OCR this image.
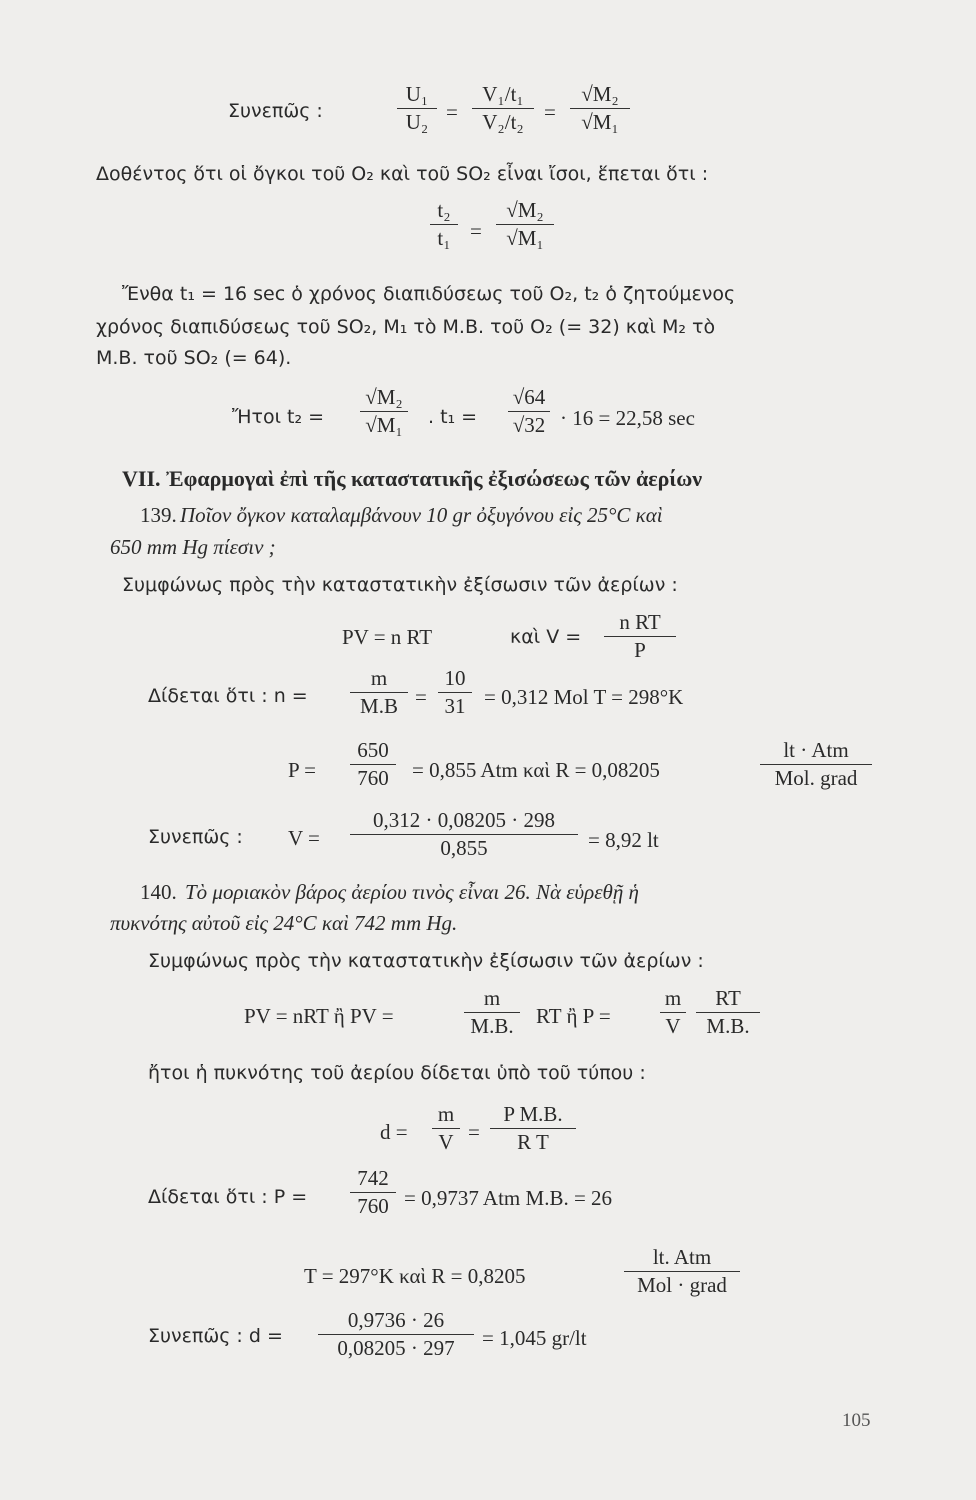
Συνεπῶς :	$\frac{\text{U₁}}{\text{U₂}} = \frac{\text{V₁/t₁}}{\text{V₂/t₂}} = \frac{\text{√M₂}}{\text{√M₁}}$
Δοθέντος ὅτι οἱ ὄγκοι τοῦ O₂ καὶ τοῦ SO₂ εἶναι ἴσοι, ἕπεται ὅτι :
$\frac{\text{t₂}}{\text{t₁}} = \frac{\text{√M₂}}{\text{√M₁}}$
Ἔνθα t₁ = 16 sec ὁ χρόνος διαπιδύσεως τοῦ O₂, t₂ ὁ ζητούμενος
χρόνος διαπιδύσεως τοῦ SO₂, M₁ τὸ M.B. τοῦ O₂ (= 32) καὶ M₂ τὸ
M.B. τοῦ SO₂ (= 64).
Ἤτοι $t_2 = \frac{\text{√M₂}}{\text{√M₁}}$ . $t_1 = \frac{√64}{√32} \cdot 16 = 22,58$ sec
VII. Ἐφαρμογαὶ ἐπὶ τῆς καταστατικῆς ἐξισώσεως τῶν ἀερίων
139. Ποῖον ὄγκον καταλαμβάνουν 10 gr ὀξυγόνου εἰς 25°C καὶ
650 mm Hg πίεσιν ;
Συμφώνως πρὸς τὴν καταστατικὴν ἐξίσωσιν τῶν ἀερίων :
PV = n RT	καὶ $V = \frac{\text{n RT}}{P}$
Δίδεται ὅτι : $n = \frac{m}{M.B} = \frac{10}{31} = 0,312$ Mol T = 298°K
$P = \frac{650}{760} = 0,855$ Atm καὶ R = 0,08205
lt · Atm
Mol. grad
Συνεπῶς : $V = \frac{0,312 \cdot 0,08205 \cdot 298}{0,855} = 8,92$ lt
140. Τὸ μοριακὸν βάρος ἀερίου τινὸς εἶναι 26. Νὰ εὑρεθῇ ἡ
πυκνότης αὐτοῦ εἰς 24°C καὶ 742 mm Hg.
Συμφώνως πρὸς τὴν καταστατικὴν ἐξίσωσιν τῶν ἀερίων :
PV = nRT ἢ PV =	$\frac{m}{M.B.}$ RT ἢ $P = \frac{m}{V} \frac{RT}{M.B.}$
ἤτοι ἡ πυκνότης τοῦ ἀερίου δίδεται ὑπὸ τοῦ τύπου :
$d = \frac{m}{V} = \frac{\text{P M.B.}}{\text{R T}}$
Δίδεται ὅτι : $P = \frac{742}{760} = 0,9737$ Atm M.B. = 26
T = 297°K καὶ R = 0,8205
lt. Atm
Mol · grad
Συνεπῶς : $d = \frac{0,9736 \cdot 26}{0,08205 \cdot 297} = 1,045$ gr/lt
105
